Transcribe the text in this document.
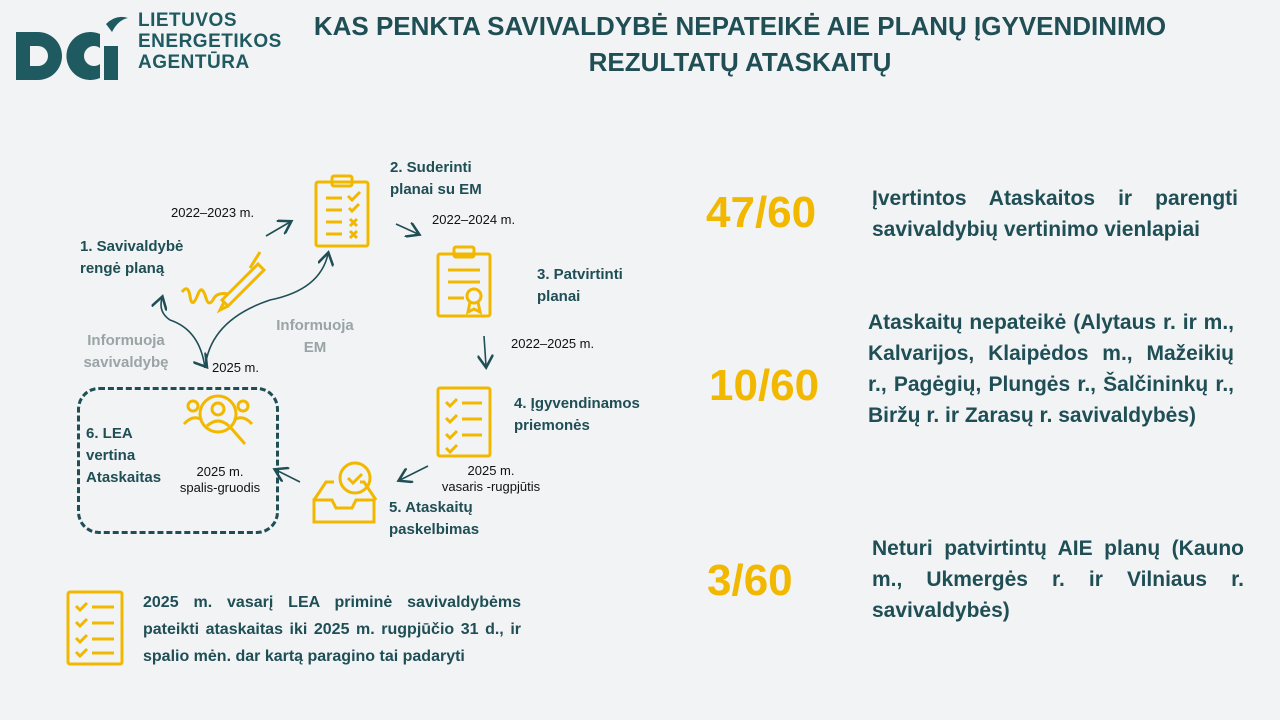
LIETUVOS
ENERGETIKOS
AGENTŪRA
KAS PENKTA SAVIVALDYBĖ NEPATEIKĖ AIE PLANŲ ĮGYVENDINIMO
REZULTATŲ ATASKAITŲ
2. Suderinti
planai su EM
2022–2023 m.	2022–2024 m.
1. Savivaldybė
rengė planą	3. Patvirtinti
planai
Informuoja
EM
Informuoja
savivaldybę
2022–2025 m.
2025 m.
4. Įgyvendinamos
priemonės
6. LEA
vertina
Ataskaitas	2025 m.
spalis-gruodis
2025 m.
vasaris -rugpjūtis
5. Ataskaitų
paskelbimas
2025 m. vasarį LEA priminė savivaldybėms pateikti ataskaitas iki 2025 m. rugpjūčio 31 d., ir spalio mėn. dar kartą paragino tai padaryti
47/60	Įvertintos Ataskaitos ir parengti savivaldybių vertinimo vienlapiai
10/60
Ataskaitų nepateikė (Alytaus r. ir m., Kalvarijos, Klaipėdos m., Mažeikių r., Pagėgių, Plungės r., Šalčininkų r., Biržų r. ir Zarasų r. savivaldybės)
3/60
Neturi patvirtintų AIE planų (Kauno m., Ukmergės r. ir Vilniaus r. savivaldybės)
